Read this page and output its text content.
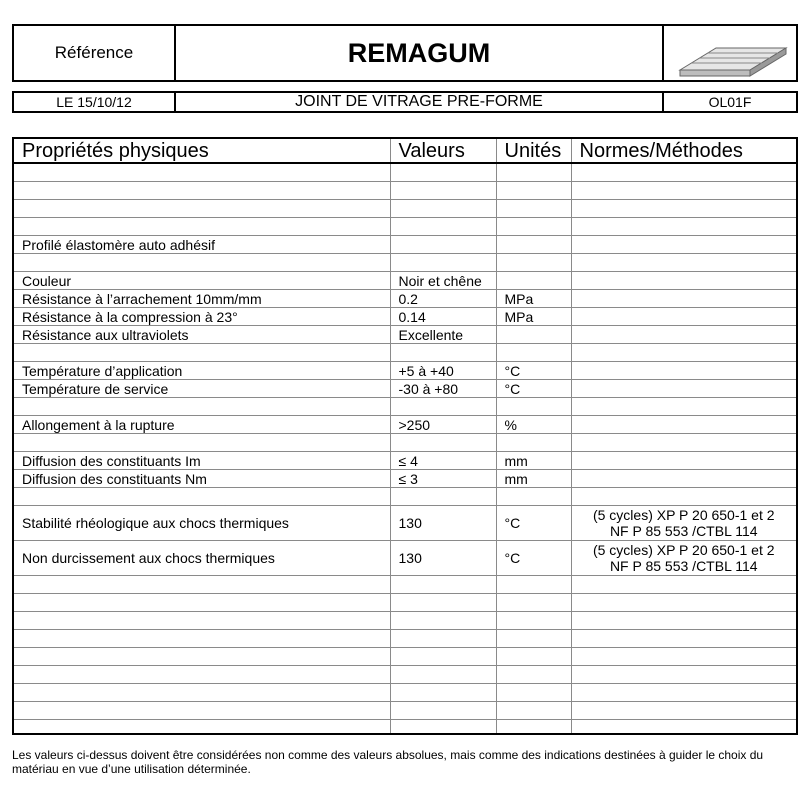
Référence	REMAGUM
LE 15/10/12	JOINT DE VITRAGE PRE-FORME	OL01F
Propriétés physiques	Valeurs	Unités	Normes/Méthodes

Profilé élastomère auto adhésif			

Couleur	Noir et chêne		
Résistance à l’arrachement 10mm/mm	0.2	MPa	
Résistance à la compression à 23°	0.14	MPa	
Résistance aux ultraviolets	Excellente		

Température d’application	+5 à +40	°C	
Température de service	-30 à +80	°C	

Allongement à la rupture	>250	%	

Diffusion des constituants Im	≤ 4	mm	
Diffusion des constituants Nm	≤ 3	mm	

Stabilité rhéologique aux chocs thermiques	130	°C	(5 cycles) XP P 20 650-1 et 2
NF P 85 553 /CTBL 114
Non durcissement aux chocs thermiques	130	°C	(5 cycles) XP P 20 650-1 et 2
NF P 85 553 /CTBL 114

Les valeurs ci-dessus doivent être considérées non comme des valeurs absolues, mais comme des indications destinées à guider le choix du
matériau en vue d’une utilisation déterminée.
